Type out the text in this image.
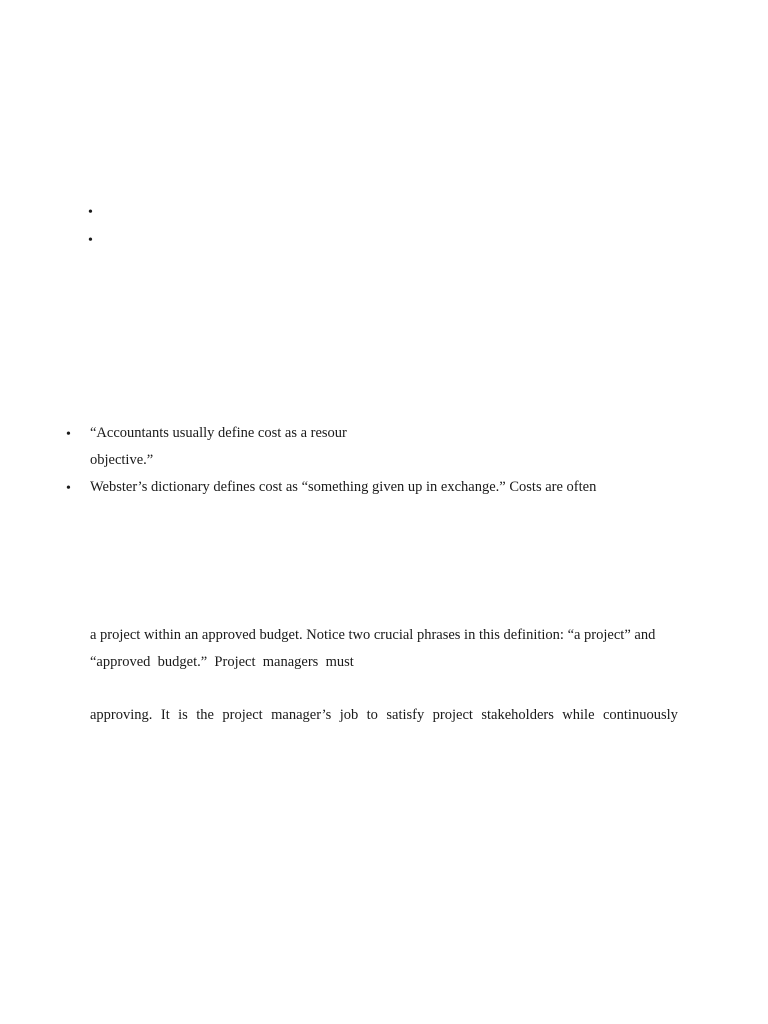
•
•
• “Accountants usually define cost as a resour
objective.”
• Webster’s dictionary defines cost as “something given up in exchange.” Costs are often
a project within an approved budget. Notice two crucial phrases in this definition: “a project” and
“approved budget.” Project managers must
approving. It is the project manager’s job to satisfy project stakeholders while continuously
